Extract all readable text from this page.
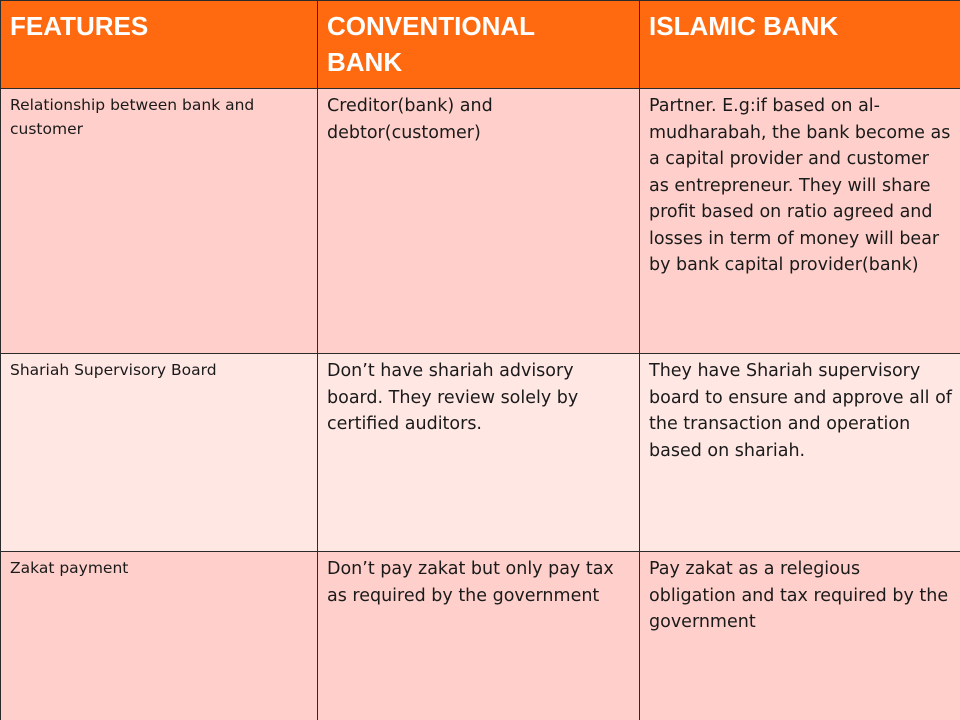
FEATURES	CONVENTIONAL BANK	ISLAMIC BANK
Relationship between bank and customer	Creditor(bank) and debtor(customer)	Partner. E.g:if based on al-mudharabah, the bank become as a capital provider and customer as entrepreneur. They will share profit based on ratio agreed and losses in term of money will bear by bank capital provider(bank)
Shariah Supervisory Board	Don’t have shariah advisory board. They review solely by certified auditors.	They have Shariah supervisory board to ensure and approve all of the transaction and operation based on shariah.
Zakat payment	Don’t pay zakat but only pay tax as required by the government	Pay zakat as a relegious obligation and tax required by the government
